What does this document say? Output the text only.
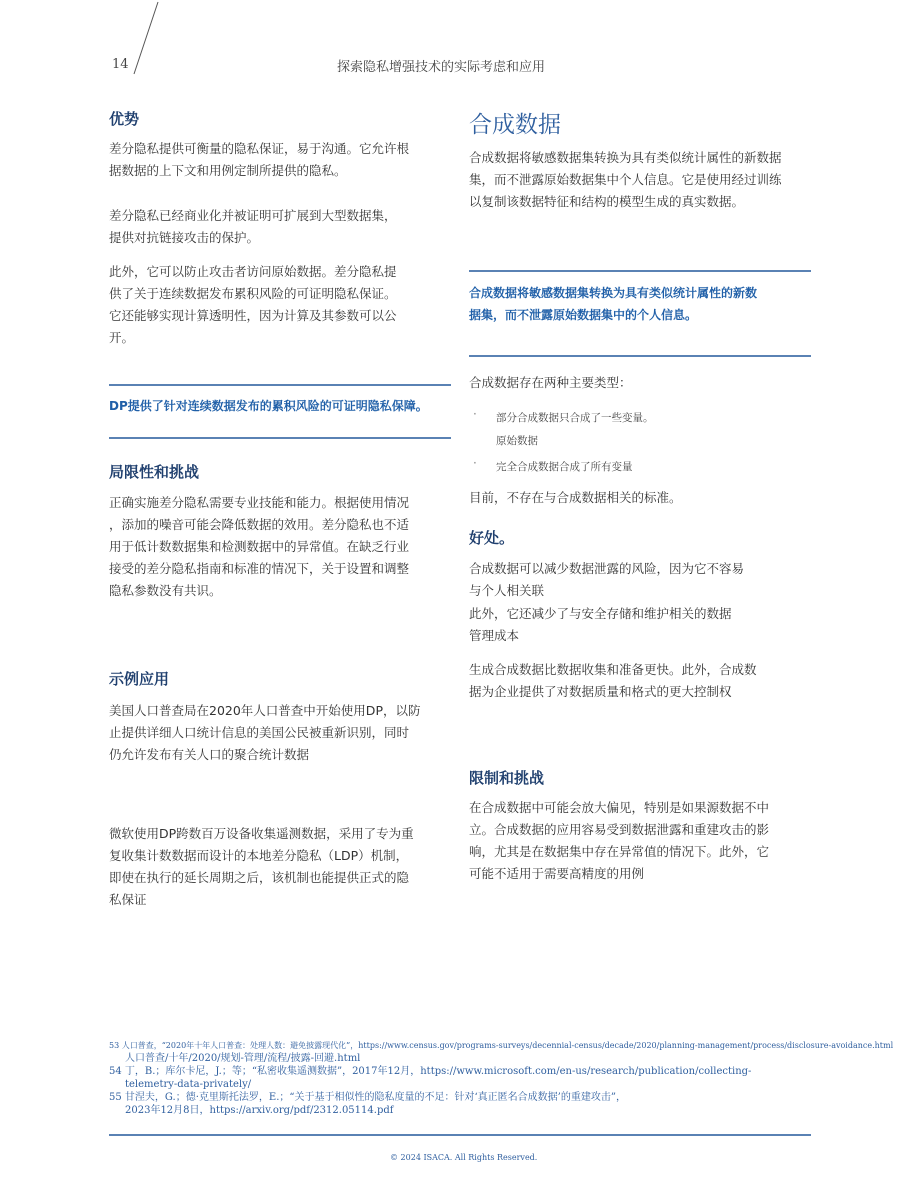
14	探索隐私增强技术的实际考虑和应用
优势
差分隐私提供可衡量的隐私保证，易于沟通。它允许根
据数据的上下文和用例定制所提供的隐私。
差分隐私已经商业化并被证明可扩展到大型数据集，
提供对抗链接攻击的保护。
此外，它可以防止攻击者访问原始数据。差分隐私提
供了关于连续数据发布累积风险的可证明隐私保证。
它还能够实现计算透明性，因为计算及其参数可以公
开。
DP提供了针对连续数据发布的累积风险的可证明隐私保障。
局限性和挑战
正确实施差分隐私需要专业技能和能力。根据使用情况
，添加的噪音可能会降低数据的效用。差分隐私也不适
用于低计数数据集和检测数据中的异常值。在缺乏行业
接受的差分隐私指南和标准的情况下，关于设置和调整
隐私参数没有共识。
示例应用
美国人口普查局在2020年人口普查中开始使用DP，以防
止提供详细人口统计信息的美国公民被重新识别，同时
仍允许发布有关人口的聚合统计数据
微软使用DP跨数百万设备收集遥测数据，采用了专为重
复收集计数数据而设计的本地差分隐私（LDP）机制，
即使在执行的延长周期之后，该机制也能提供正式的隐
私保证
合成数据
合成数据将敏感数据集转换为具有类似统计属性的新数据
集，而不泄露原始数据集中个人信息。它是使用经过训练
以复制该数据特征和结构的模型生成的真实数据。
合成数据将敏感数据集转换为具有类似统计属性的新数
据集，而不泄露原始数据集中的个人信息。
合成数据存在两种主要类型：
· 部分合成数据只合成了一些变量。
原始数据
· 完全合成数据合成了所有变量
目前，不存在与合成数据相关的标准。
好处。
合成数据可以减少数据泄露的风险，因为它不容易
与个人相关联
此外，它还减少了与安全存储和维护相关的数据
管理成本
生成合成数据比数据收集和准备更快。此外，合成数
据为企业提供了对数据质量和格式的更大控制权
限制和挑战
在合成数据中可能会放大偏见，特别是如果源数据不中
立。合成数据的应用容易受到数据泄露和重建攻击的影
响，尤其是在数据集中存在异常值的情况下。此外，它
可能不适用于需要高精度的用例
53 人口普查，“2020年十年人口普查：处理人数：避免披露现代化”，https://www.census.gov/programs-surveys/decennial-census/decade/2020/planning-management/process/disclosure-avoidance.html
人口普查/十年/2020/规划-管理/流程/披露-回避.html
54 丁，B.；库尔卡尼，J.；等；“私密收集遥测数据”，2017年12月，https://www.microsoft.com/en-us/research/publication/collecting-
telemetry-data-privately/
55 甘涅夫，G.；德·克里斯托法罗，E.；“关于基于相似性的隐私度量的不足：针对‘真正匿名合成数据’的重建攻击”，
2023年12月8日，https://arxiv.org/pdf/2312.05114.pdf
© 2024 ISACA. All Rights Reserved.
